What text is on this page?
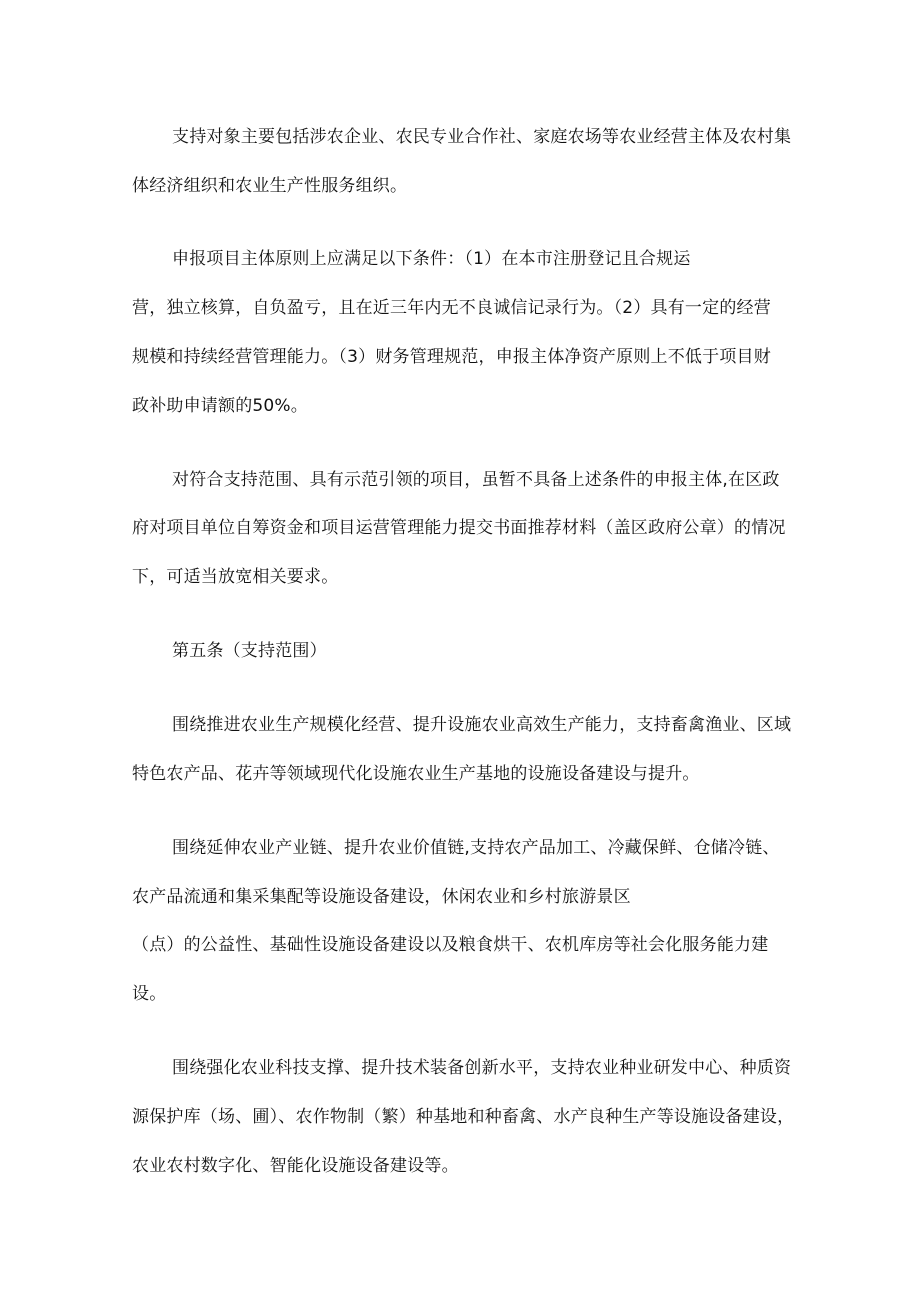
支持对象主要包括涉农企业、农民专业合作社、家庭农场等农业经营主体及农村集
体经济组织和农业生产性服务组织。
申报项目主体原则上应满足以下条件：（1）在本市注册登记且合规运
营，独立核算，自负盈亏，且在近三年内无不良诚信记录行为。（2）具有一定的经营
规模和持续经营管理能力。（3）财务管理规范，申报主体净资产原则上不低于项目财
政补助申请额的50%。
对符合支持范围、具有示范引领的项目，虽暂不具备上述条件的申报主体,在区政
府对项目单位自筹资金和项目运营管理能力提交书面推荐材料（盖区政府公章）的情况
下，可适当放宽相关要求。
第五条（支持范围）
围绕推进农业生产规模化经营、提升设施农业高效生产能力，支持畜禽渔业、区域
特色农产品、花卉等领域现代化设施农业生产基地的设施设备建设与提升。
围绕延伸农业产业链、提升农业价值链,支持农产品加工、冷藏保鲜、仓储冷链、
农产品流通和集采集配等设施设备建设，休闲农业和乡村旅游景区
（点）的公益性、基础性设施设备建设以及粮食烘干、农机库房等社会化服务能力建
设。
围绕强化农业科技支撑、提升技术装备创新水平，支持农业种业研发中心、种质资
源保护库（场、圃）、农作物制（繁）种基地和种畜禽、水产良种生产等设施设备建设，
农业农村数字化、智能化设施设备建设等。
